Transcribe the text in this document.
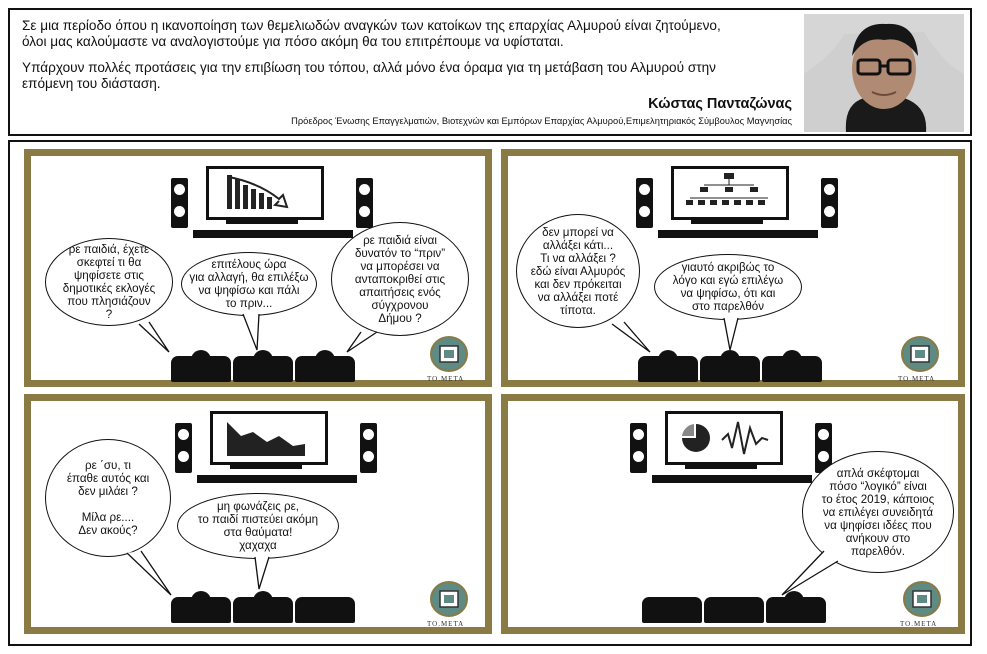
Σε μια περίοδο όπου η ικανοποίηση των θεμελιωδών αναγκών των κατοίκων της επαρχίας Αλμυρού είναι ζητούμενο,
όλοι μας καλούμαστε να αναλογιστούμε για πόσο ακόμη θα του επιτρέπουμε να υφίσταται.
Υπάρχουν πολλές προτάσεις για την επιβίωση του τόπου, αλλά μόνο ένα όραμα για τη μετάβαση του Αλμυρού στην
επόμενη του διάσταση.
Κώστας Πανταζώνας
Πρόεδρος Ένωσης Επαγγελματιών, Βιοτεχνών και Εμπόρων Επαρχίας Αλμυρού,Επιμελητηριακός Σύμβουλος Μαγνησίας
ρε παιδιά, έχετε
σκεφτεί τι θα
ψηφίσετε στις
δημοτικές εκλογές
που πλησιάζουν
?
επιτέλους ώρα
για αλλαγή, θα επιλέξω
να ψηφίσω και πάλι
το πριν...
ρε παιδιά είναι
δυνατόν το “πριν”
να μπορέσει να
ανταποκριθεί στις
απαιτήσεις ενός
σύγχρονου
Δήμου ?
ΤΟ.ΜΕΤΑ
δεν μπορεί να
αλλάξει κάτι...
Τι να αλλάξει ?
εδώ είναι Αλμυρός
και δεν πρόκειται
να αλλάξει ποτέ
τίποτα.
γιαυτό ακριβώς το
λόγο και εγώ επιλέγω
να ψηφίσω, ότι και
στο παρελθόν
ΤΟ.ΜΕΤΑ
ρε ΄συ, τι
έπαθε αυτός και
δεν μιλάει ?

Μίλα ρε....
Δεν ακούς?
μη φωνάζεις ρε,
το παιδί πιστεύει ακόμη
στα θαύματα!
χαχαχα
ΤΟ.ΜΕΤΑ
απλά σκέφτομαι
πόσο “λογικό” είναι
το έτος 2019, κάποιος
να επιλέγει συνειδητά
να ψηφίσει ιδέες που
ανήκουν στο
παρελθόν.
ΤΟ.ΜΕΤΑ
